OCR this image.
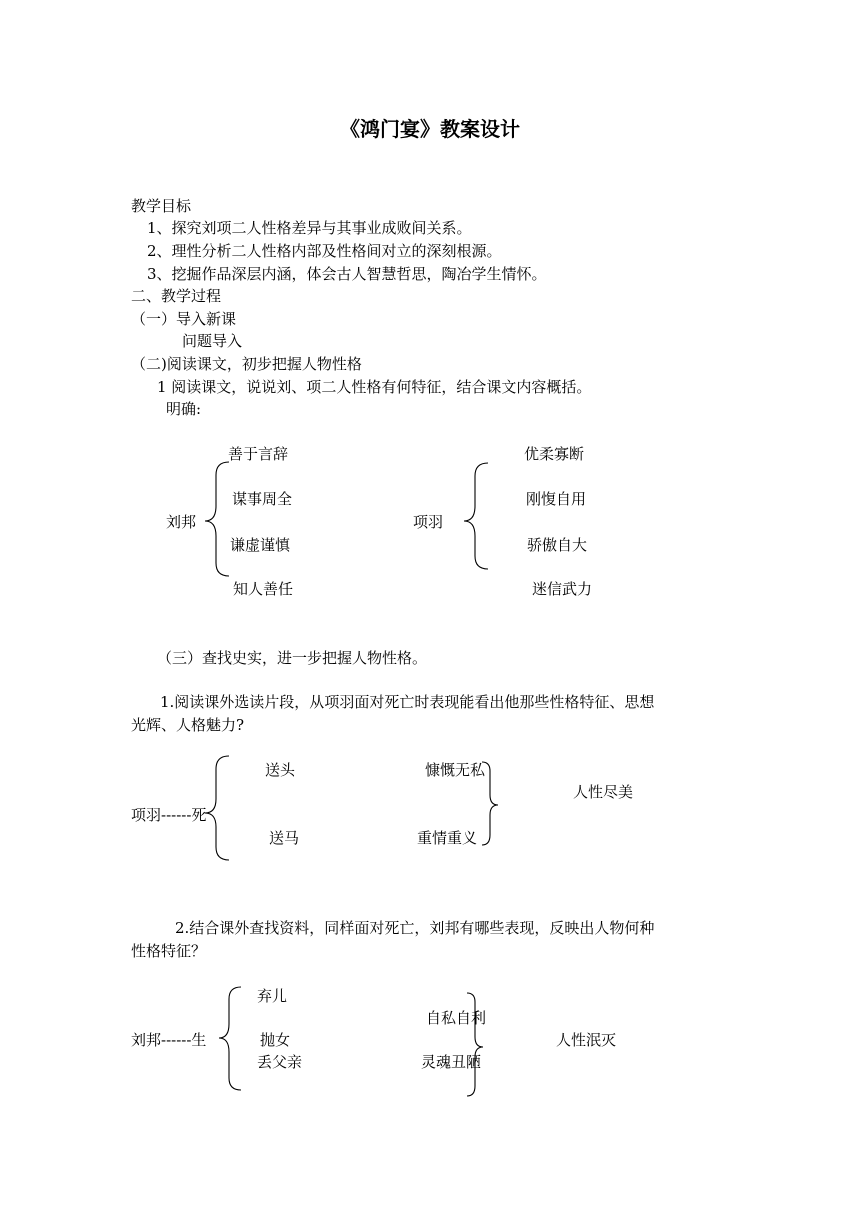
《鸿门宴》教案设计
教学目标
1、探究刘项二人性格差异与其事业成败间关系。
2、理性分析二人性格内部及性格间对立的深刻根源。
3、挖掘作品深层内涵，体会古人智慧哲思，陶冶学生情怀。
二、教学过程
（一）导入新课
问题导入
（二)阅读课文，初步把握人物性格
1 阅读课文，说说刘、项二人性格有何特征，结合课文内容概括。
明确:
善于言辞
谋事周全
刘邦
谦虚谨慎
知人善任
优柔寡断
刚愎自用
项羽
骄傲自大
迷信武力
（三）查找史实，进一步把握人物性格。
1.阅读课外选读片段，从项羽面对死亡时表现能看出他那些性格特征、思想
光辉、人格魅力?
送头	慷慨无私
人性尽美
项羽------死
送马	重情重义
2.结合课外查找资料，同样面对死亡，刘邦有哪些表现，反映出人物何种
性格特征？
弃儿
自私自利
刘邦------生	抛女	人性泯灭
丢父亲	灵魂丑陋
